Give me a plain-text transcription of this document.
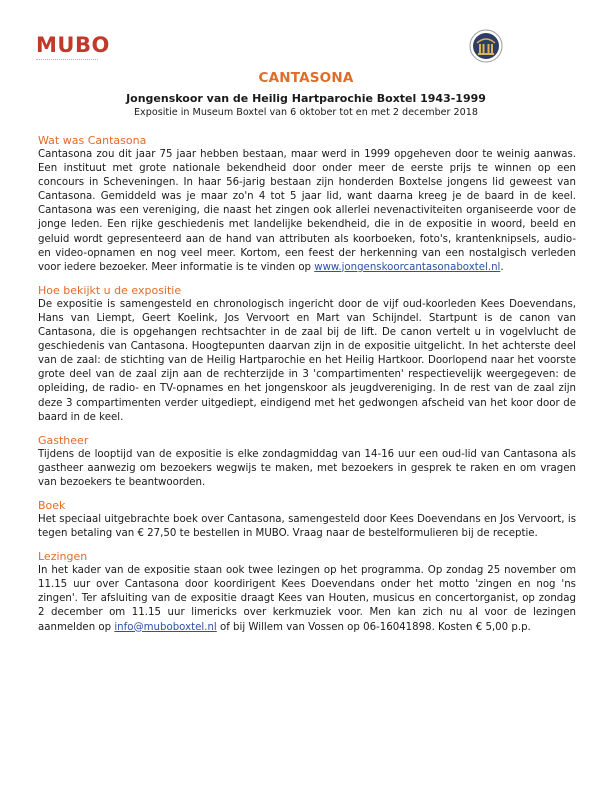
MUBO
CANTASONA
Jongenskoor van de Heilig Hartparochie Boxtel 1943-1999
Expositie in Museum Boxtel van 6 oktober tot en met 2 december 2018
Wat was Cantasona

Cantasona zou dit jaar 75 jaar hebben bestaan, maar werd in 1999 opgeheven door te weinig aanwas. Een instituut met grote nationale bekendheid door onder meer de eerste prijs te winnen op een concours in Scheveningen. In haar 56-jarig bestaan zijn honderden Boxtelse jongens lid geweest van Cantasona. Gemiddeld was je maar zo'n 4 tot 5 jaar lid, want daarna kreeg je de baard in de keel. Cantasona was een vereniging, die naast het zingen ook allerlei nevenactiviteiten organiseerde voor de jonge leden. Een rijke geschiedenis met landelijke bekendheid, die in de expositie in woord, beeld en geluid wordt gepresenteerd aan de hand van attributen als koorboeken, foto's, krantenknipsels, audio- en video-opnamen en nog veel meer. Kortom, een feest der herkenning van een nostalgisch verleden voor iedere bezoeker. Meer informatie is te vinden op www.jongenskoorcantasonaboxtel.nl.

Hoe bekijkt u de expositie

De expositie is samengesteld en chronologisch ingericht door de vijf oud-koorleden Kees Doevendans, Hans van Liempt, Geert Koelink, Jos Vervoort en Mart van Schijndel. Startpunt is de canon van Cantasona, die is opgehangen rechtsachter in de zaal bij de lift. De canon vertelt u in vogelvlucht de geschiedenis van Cantasona. Hoogtepunten daarvan zijn in de expositie uitgelicht. In het achterste deel van de zaal: de stichting van de Heilig Hartparochie en het Heilig Hartkoor. Doorlopend naar het voorste grote deel van de zaal zijn aan de rechterzijde in 3 'compartimenten' respectievelijk weergegeven: de opleiding, de radio- en TV-opnames en het jongenskoor als jeugdvereniging. In de rest van de zaal zijn deze 3 compartimenten verder uitgediept, eindigend met het gedwongen afscheid van het koor door de baard in de keel.

Gastheer

Tijdens de looptijd van de expositie is elke zondagmiddag van 14-16 uur een oud-lid van Cantasona als gastheer aanwezig om bezoekers wegwijs te maken, met bezoekers in gesprek te raken en om vragen van bezoekers te beantwoorden.

Boek

Het speciaal uitgebrachte boek over Cantasona, samengesteld door Kees Doevendans en Jos Vervoort, is tegen betaling van € 27,50 te bestellen in MUBO. Vraag naar de bestelformulieren bij de receptie.

Lezingen

In het kader van de expositie staan ook twee lezingen op het programma. Op zondag 25 november om 11.15 uur over Cantasona door koordirigent Kees Doevendans onder het motto 'zingen en nog 'ns zingen'. Ter afsluiting van de expositie draagt Kees van Houten, musicus en concertorganist, op zondag 2 december om 11.15 uur limericks over kerkmuziek voor. Men kan zich nu al voor de lezingen aanmelden op info@muboboxtel.nl of bij Willem van Vossen op 06-16041898. Kosten € 5,00 p.p.
